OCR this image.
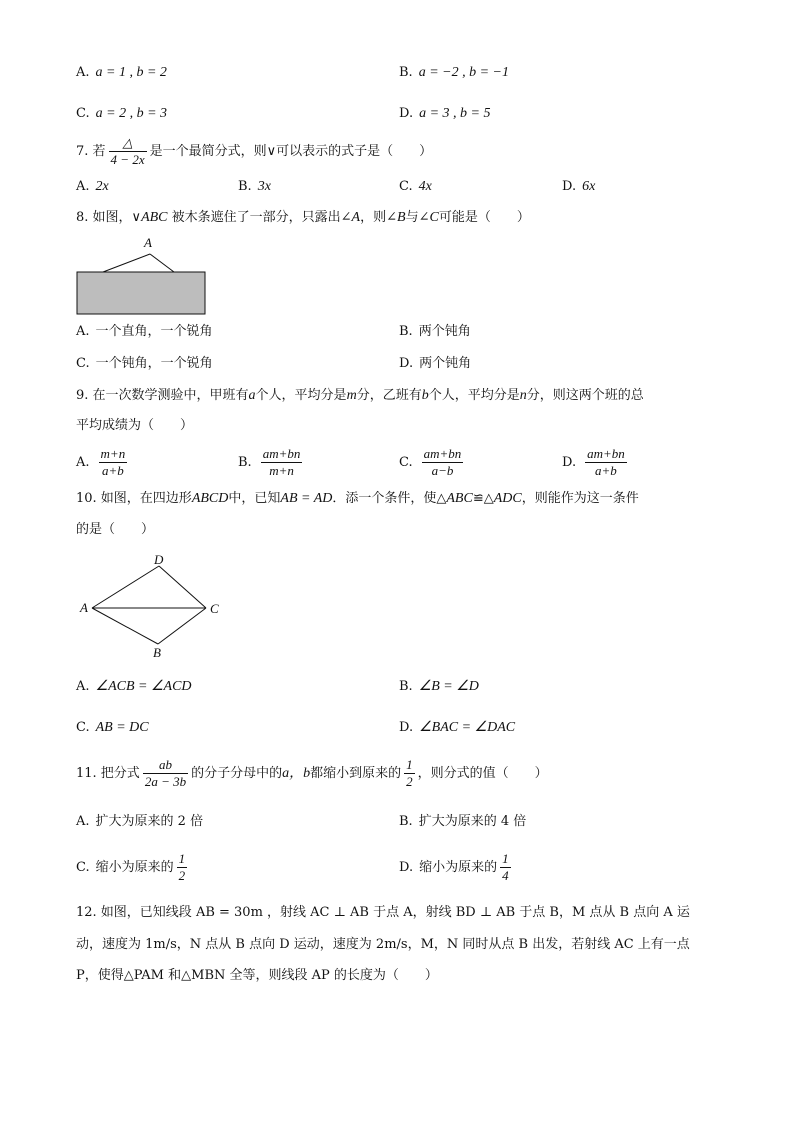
A. a = 1 , b = 2	B. a = −2 , b = −1
C. a = 2 , b = 3	D. a = 3 , b = 5
7. 若 $\frac{\triangle}{4 - 2x}$ 是一个最简分式，则∨可以表示的式子是（　　）
A. 2x	B. 3x	C. 4x	D. 6x
8. 如图，∨ABC 被木条遮住了一部分，只露出∠A，则∠B与∠C可能是（　　）
A
A. 一个直角，一个锐角	B. 两个钝角
C. 一个钝角，一个锐角	D. 两个钝角
9. 在一次数学测验中，甲班有a个人，平均分是m分，乙班有b个人，平均分是n分，则这两个班的总
平均成绩为（　　）
A. $\frac{m+n}{a+b}$	B. $\frac{am+bn}{m+n}$	C. $\frac{am+bn}{a-b}$	D. $\frac{am+bn}{a+b}$
10. 如图，在四边形ABCD中，已知AB = AD．添一个条件，使△ABC≌△ADC，则能作为这一条件
的是（　　）
D
A	C
B
A. ∠ACB = ∠ACD	B. ∠B = ∠D
C. AB = DC	D. ∠BAC = ∠DAC
11. 把分式 $\frac{ab}{2a - 3b}$ 的分子分母中的a，b都缩小到原来的 $\frac{1}{2}$ ，则分式的值（　　）
A. 扩大为原来的 2 倍	B. 扩大为原来的 4 倍
C. 缩小为原来的 $\frac{1}{2}$	D. 缩小为原来的 $\frac{1}{4}$
12. 如图，已知线段 AB = 30m ，射线 AC ⊥ AB 于点 A，射线 BD ⊥ AB 于点 B，M 点从 B 点向 A 运
动，速度为 1m/s，N 点从 B 点向 D 运动，速度为 2m/s，M，N 同时从点 B 出发，若射线 AC 上有一点
P，使得△PAM 和△MBN 全等，则线段 AP 的长度为（　　）
